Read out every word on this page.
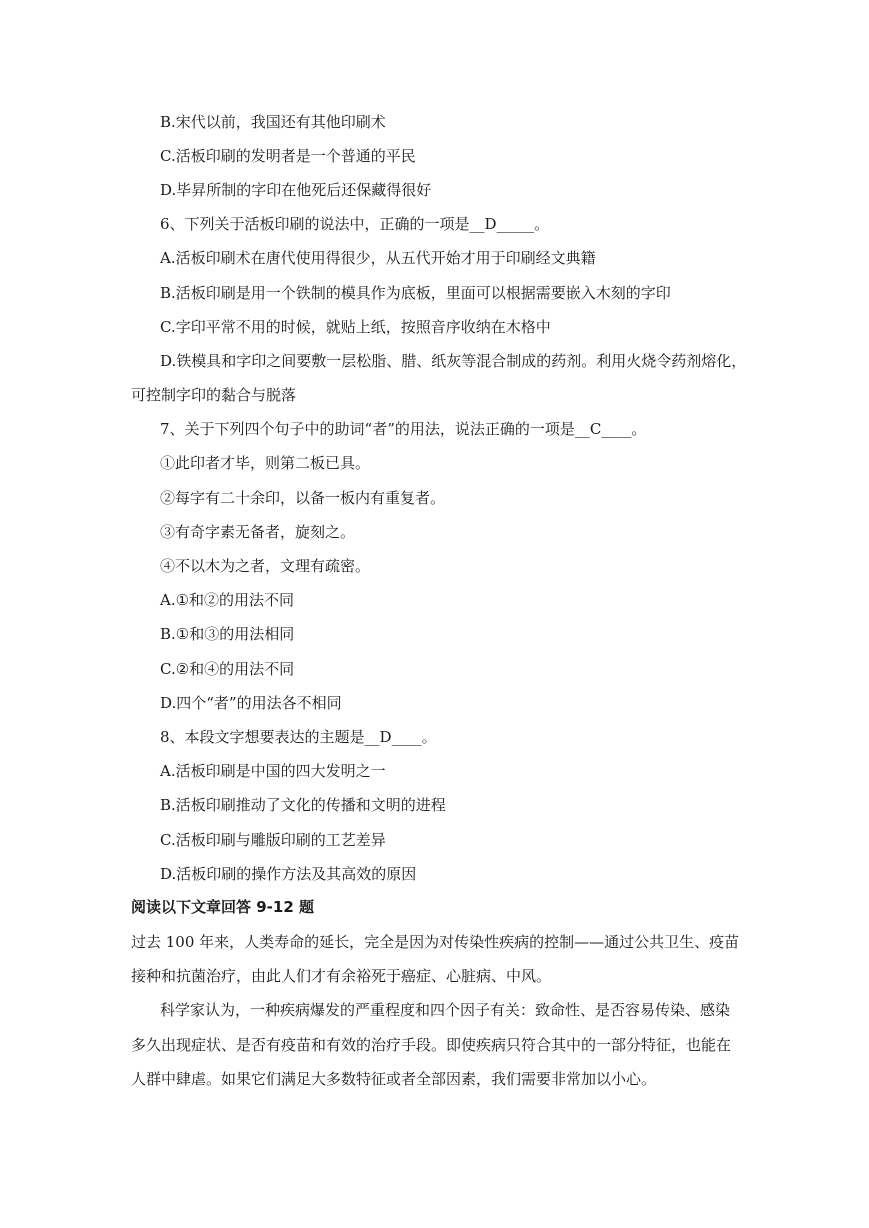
B.宋代以前，我国还有其他印刷术
C.活板印刷的发明者是一个普通的平民
D.毕昇所制的字印在他死后还保藏得很好
6、下列关于活板印刷的说法中，正确的一项是__D_____。
A.活板印刷术在唐代使用得很少，从五代开始才用于印刷经文典籍
B.活板印刷是用一个铁制的模具作为底板，里面可以根据需要嵌入木刻的字印
C.字印平常不用的时候，就贴上纸，按照音序收纳在木格中
D.铁模具和字印之间要敷一层松脂、腊、纸灰等混合制成的药剂。利用火烧令药剂熔化，
可控制字印的黏合与脱落
7、关于下列四个句子中的助词“者”的用法，说法正确的一项是__C____。
①此印者才毕，则第二板已具。
②每字有二十余印，以备一板内有重复者。
③有奇字素无备者，旋刻之。
④不以木为之者，文理有疏密。
A.①和②的用法不同
B.①和③的用法相同
C.②和④的用法不同
D.四个“者”的用法各不相同
8、本段文字想要表达的主题是__D____。
A.活板印刷是中国的四大发明之一
B.活板印刷推动了文化的传播和文明的进程
C.活板印刷与雕版印刷的工艺差异
D.活板印刷的操作方法及其高效的原因
阅读以下文章回答 9-12 题
过去 100 年来，人类寿命的延长，完全是因为对传染性疾病的控制——通过公共卫生、疫苗
接种和抗菌治疗，由此人们才有余裕死于癌症、心脏病、中风。
科学家认为，一种疾病爆发的严重程度和四个因子有关：致命性、是否容易传染、感染
多久出现症状、是否有疫苗和有效的治疗手段。即使疾病只符合其中的一部分特征，也能在
人群中肆虐。如果它们满足大多数特征或者全部因素，我们需要非常加以小心。
